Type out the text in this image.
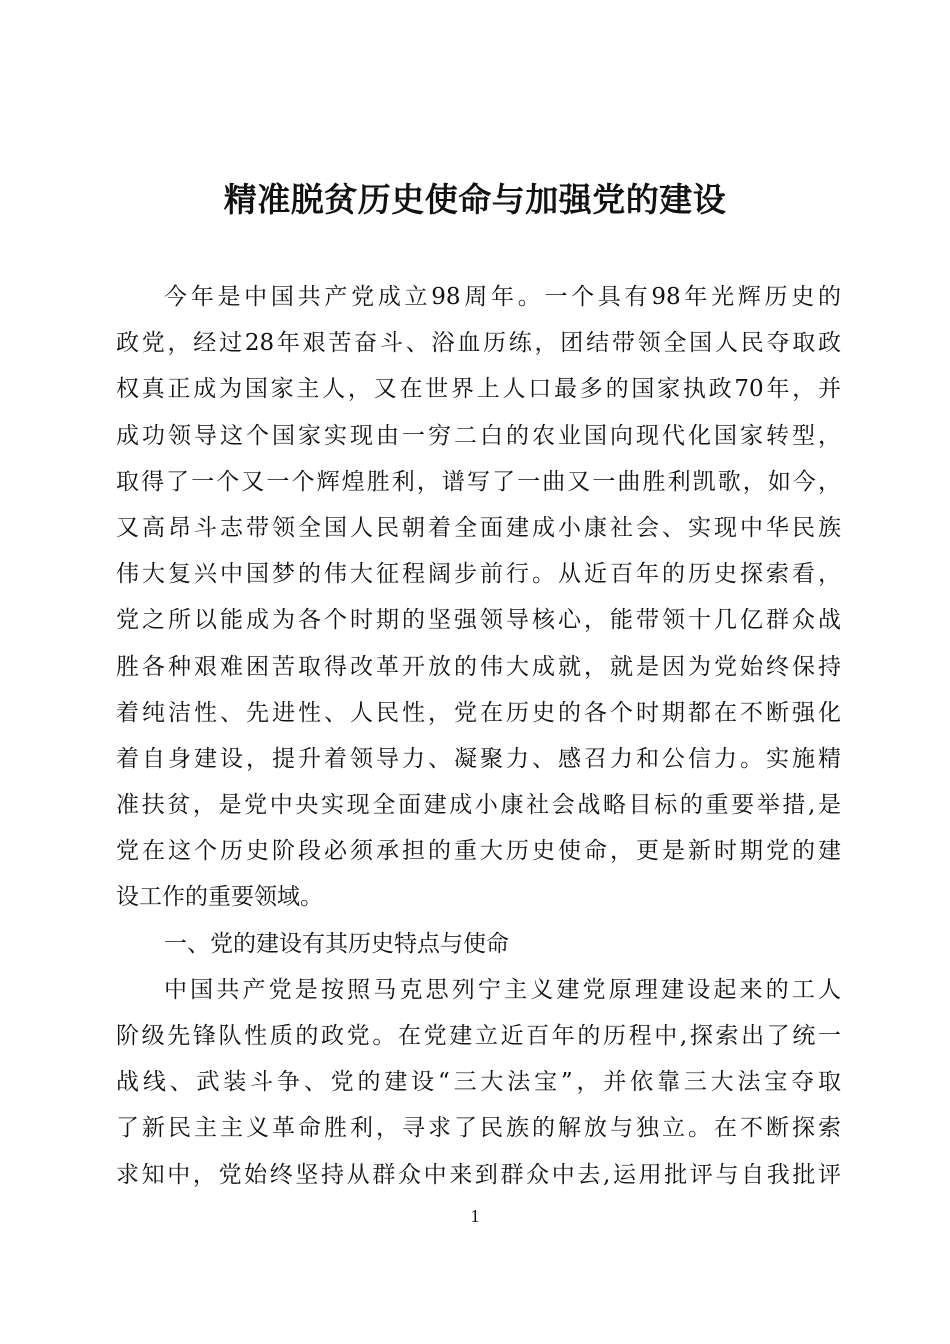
精准脱贫历史使命与加强党的建设
今年是中国共产党成立98周年。一个具有98年光辉历史的
政党，经过28年艰苦奋斗、浴血历练，团结带领全国人民夺取政
权真正成为国家主人，又在世界上人口最多的国家执政70年，并
成功领导这个国家实现由一穷二白的农业国向现代化国家转型，
取得了一个又一个辉煌胜利，谱写了一曲又一曲胜利凯歌，如今，
又高昂斗志带领全国人民朝着全面建成小康社会、实现中华民族
伟大复兴中国梦的伟大征程阔步前行。从近百年的历史探索看，
党之所以能成为各个时期的坚强领导核心，能带领十几亿群众战
胜各种艰难困苦取得改革开放的伟大成就，就是因为党始终保持
着纯洁性、先进性、人民性，党在历史的各个时期都在不断强化
着自身建设，提升着领导力、凝聚力、感召力和公信力。实施精
准扶贫，是党中央实现全面建成小康社会战略目标的重要举措,是
党在这个历史阶段必须承担的重大历史使命，更是新时期党的建
设工作的重要领域。
一、党的建设有其历史特点与使命
中国共产党是按照马克思列宁主义建党原理建设起来的工人
阶级先锋队性质的政党。在党建立近百年的历程中,探索出了统一
战线、武装斗争、党的建设“三大法宝”，并依靠三大法宝夺取
了新民主主义革命胜利，寻求了民族的解放与独立。在不断探索
求知中，党始终坚持从群众中来到群众中去,运用批评与自我批评
1
